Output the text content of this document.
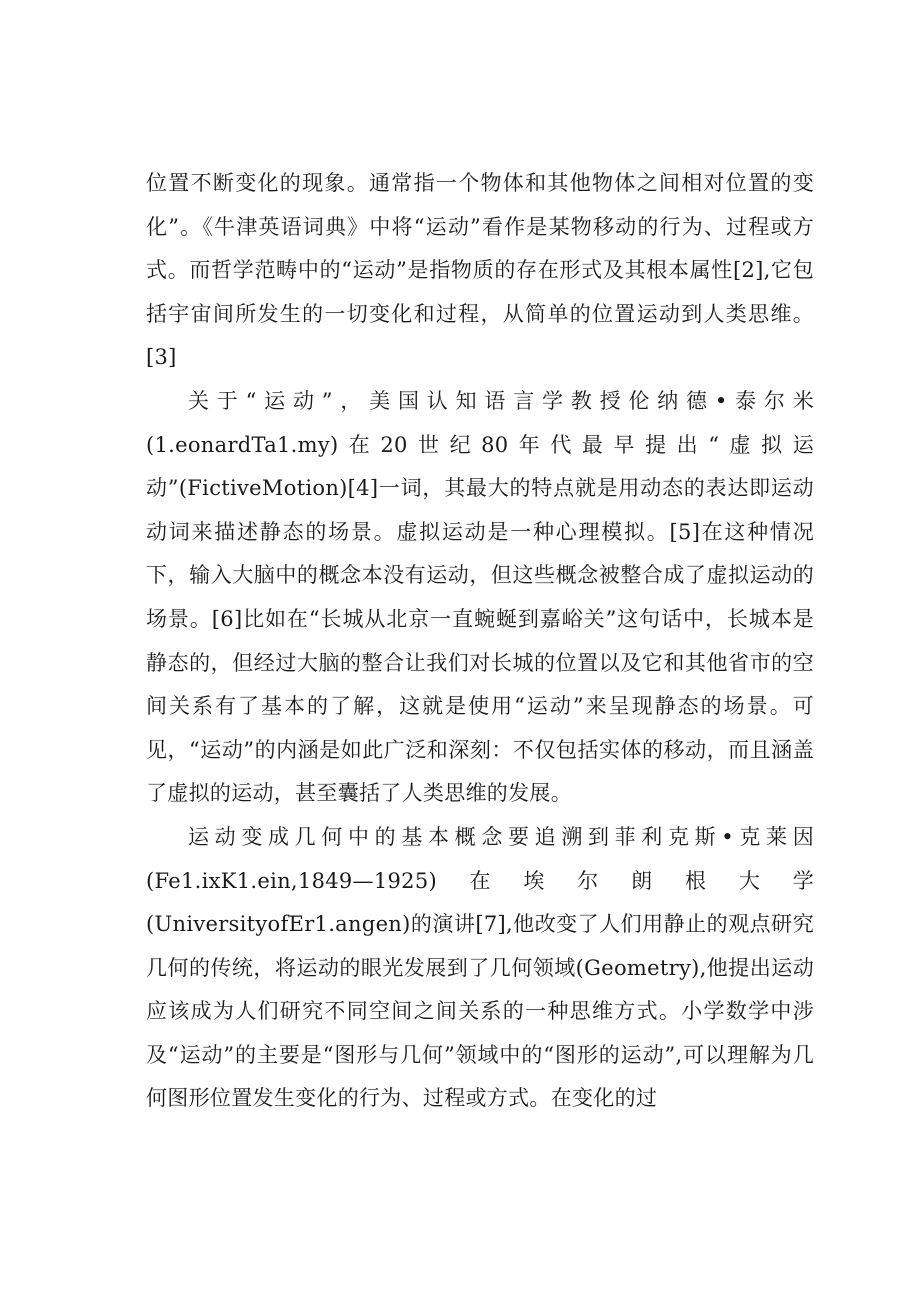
位置不断变化的现象。通常指一个物体和其他物体之间相对位置的变化”。《牛津英语词典》中将“运动”看作是某物移动的行为、过程或方式。而哲学范畴中的“运动”是指物质的存在形式及其根本属性[2],它包括宇宙间所发生的一切变化和过程，从简单的位置运动到人类思维。[3]

关于“运动”，美国认知语言学教授伦纳德•泰尔米(1.eonardTa1.my)在20世纪80年代最早提出“虚拟运动”(FictiveMotion)[4]一词，其最大的特点就是用动态的表达即运动动词来描述静态的场景。虚拟运动是一种心理模拟。[5]在这种情况下，输入大脑中的概念本没有运动，但这些概念被整合成了虚拟运动的场景。[6]比如在“长城从北京一直蜿蜒到嘉峪关”这句话中，长城本是静态的，但经过大脑的整合让我们对长城的位置以及它和其他省市的空间关系有了基本的了解，这就是使用“运动”来呈现静态的场景。可见，“运动”的内涵是如此广泛和深刻：不仅包括实体的移动，而且涵盖了虚拟的运动，甚至囊括了人类思维的发展。

运动变成几何中的基本概念要追溯到菲利克斯•克莱因(Fe1.ixK1.ein,1849—1925)在埃尔朗根大学(UniversityofEr1.angen)的演讲[7],他改变了人们用静止的观点研究几何的传统，将运动的眼光发展到了几何领域(Geometry),他提出运动应该成为人们研究不同空间之间关系的一种思维方式。小学数学中涉及“运动”的主要是“图形与几何”领域中的“图形的运动”,可以理解为几何图形位置发生变化的行为、过程或方式。在变化的过
